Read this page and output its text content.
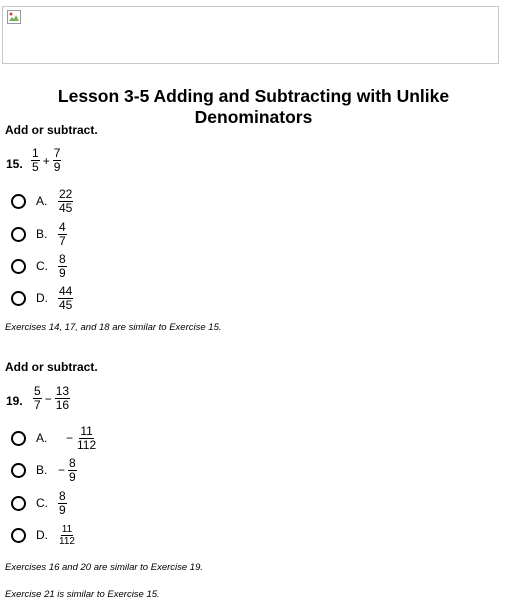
Lesson 3-5 Adding and Subtracting with Unlike Denominators
Add or subtract.
15. $\frac{1}{5} + \frac{7}{9}$
A. $\frac{22}{45}$
B. $\frac{4}{7}$
C. $\frac{8}{9}$
D. $\frac{44}{45}$
Exercises 14, 17, and 18 are similar to Exercise 15.
Add or subtract.
19. $\frac{5}{7} - \frac{13}{16}$
A. − $\frac{11}{112}$
B. − $\frac{8}{9}$
C. $\frac{8}{9}$
D. $\frac{11}{112}$
Exercises 16 and 20 are similar to Exercise 19.
Exercise 21 is similar to Exercise 15.
